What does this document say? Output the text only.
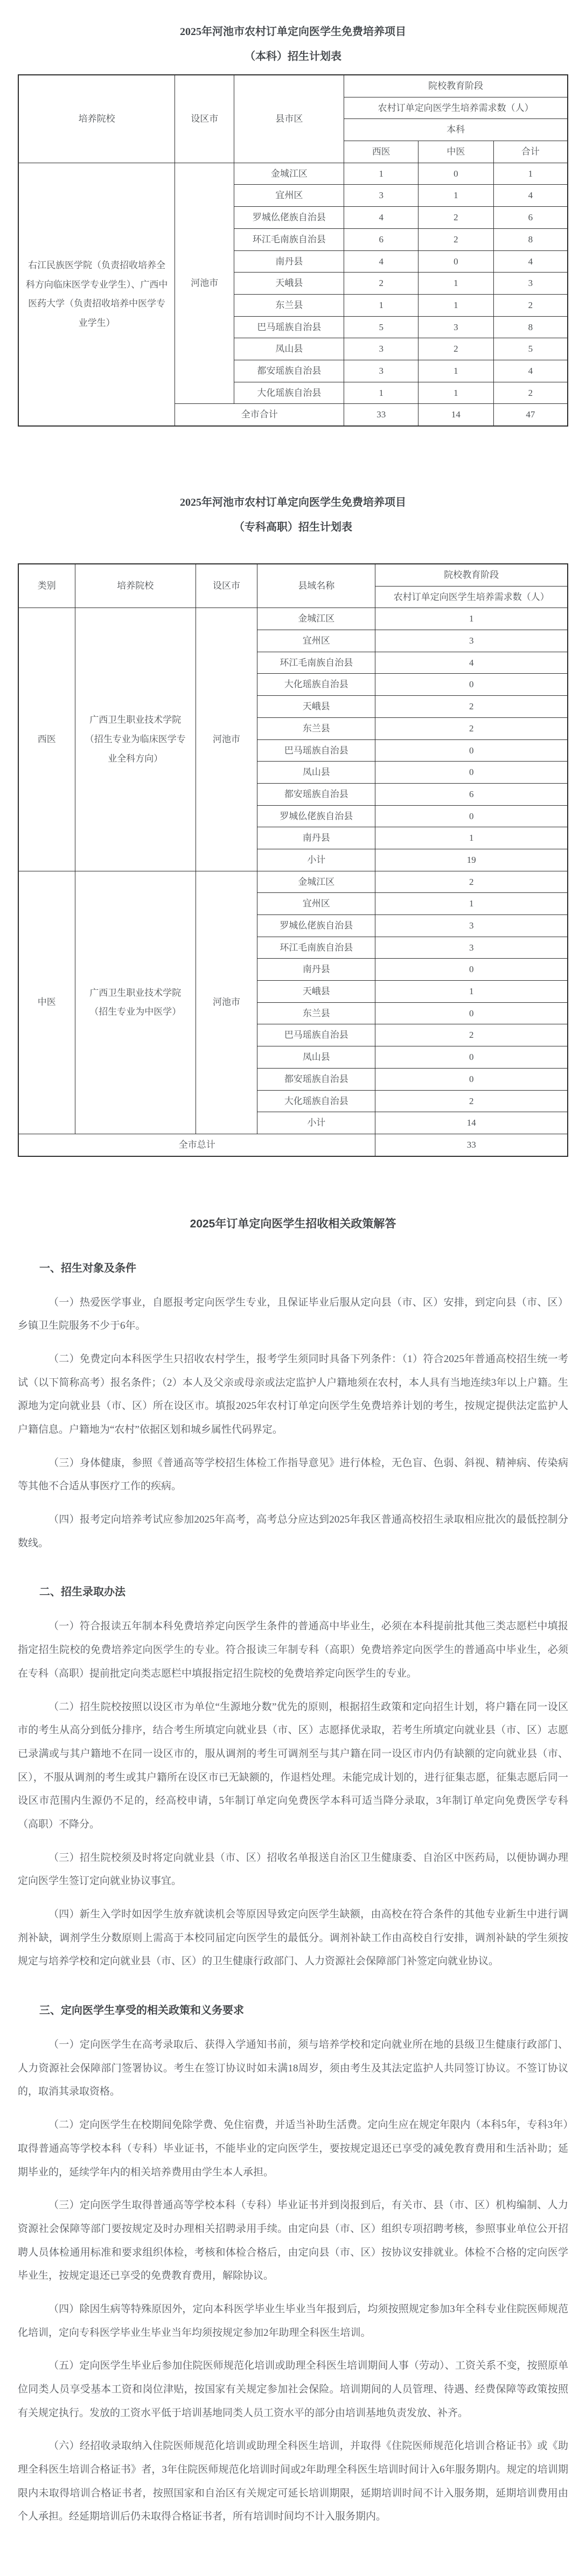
2025年河池市农村订单定向医学生免费培养项目
（本科）招生计划表
培养院校	设区市	县市区	院校教育阶段		
			农村订单定向医学生培养需求数（人）		
			本科		
			西医	中医	合计
右江民族医学院（负责招收培养全科方向临床医学专业学生）、广西中医药大学（负责招收培养中医学专业学生）	河池市	金城江区	1	0	1
		宜州区	3	1	4
		罗城仫佬族自治县	4	2	6
		环江毛南族自治县	6	2	8
		南丹县	4	0	4
		天峨县	2	1	3
		东兰县	1	1	2
		巴马瑶族自治县	5	3	8
		凤山县	3	2	5
		都安瑶族自治县	3	1	4
		大化瑶族自治县	1	1	2
	全市合计		33	14	47
2025年河池市农村订单定向医学生免费培养项目
（专科高职）招生计划表
类别	培养院校	设区市	县域名称	院校教育阶段
				农村订单定向医学生培养需求数（人）
西医	广西卫生职业技术学院（招生专业为临床医学专业全科方向）	河池市	金城江区	1
			宜州区	3
			环江毛南族自治县	4
			大化瑶族自治县	0
			天峨县	2
			东兰县	2
			巴马瑶族自治县	0
			凤山县	0
			都安瑶族自治县	6
			罗城仫佬族自治县	0
			南丹县	1
			小计	19
中医	广西卫生职业技术学院（招生专业为中医学）	河池市	金城江区	2
			宜州区	1
			罗城仫佬族自治县	3
			环江毛南族自治县	3
			南丹县	0
			天峨县	1
			东兰县	0
			巴马瑶族自治县	2
			凤山县	0
			都安瑶族自治县	0
			大化瑶族自治县	2
			小计	14
全市总计				33
2025年订单定向医学生招收相关政策解答
一、招生对象及条件

（一）热爱医学事业，自愿报考定向医学生专业，且保证毕业后服从定向县（市、区）安排，到定向县（市、区）乡镇卫生院服务不少于6年。

（二）免费定向本科医学生只招收农村学生，报考学生须同时具备下列条件：（1）符合2025年普通高校招生统一考试（以下简称高考）报名条件；（2）本人及父亲或母亲或法定监护人户籍地须在农村，本人具有当地连续3年以上户籍。生源地为定向就业县（市、区）所在设区市。填报2025年农村订单定向医学生免费培养计划的考生，按规定提供法定监护人户籍信息。户籍地为“农村”依据区划和城乡属性代码界定。

（三）身体健康，参照《普通高等学校招生体检工作指导意见》进行体检，无色盲、色弱、斜视、精神病、传染病等其他不合适从事医疗工作的疾病。

（四）报考定向培养考试应参加2025年高考，高考总分应达到2025年我区普通高校招生录取相应批次的最低控制分数线。

二、招生录取办法

（一）符合报读五年制本科免费培养定向医学生条件的普通高中毕业生，必须在本科提前批其他三类志愿栏中填报指定招生院校的免费培养定向医学生的专业。符合报读三年制专科（高职）免费培养定向医学生的普通高中毕业生，必须在专科（高职）提前批定向类志愿栏中填报指定招生院校的免费培养定向医学生的专业。

（二）招生院校按照以设区市为单位“生源地分数”优先的原则，根据招生政策和定向招生计划，将户籍在同一设区市的考生从高分到低分排序，结合考生所填定向就业县（市、区）志愿择优录取，若考生所填定向就业县（市、区）志愿已录满或与其户籍地不在同一设区市的，服从调剂的考生可调剂至与其户籍在同一设区市内仍有缺额的定向就业县（市、区），不服从调剂的考生或其户籍所在设区市已无缺额的，作退档处理。未能完成计划的，进行征集志愿，征集志愿后同一设区市范围内生源仍不足的，经高校申请，5年制订单定向免费医学本科可适当降分录取，3年制订单定向免费医学专科（高职）不降分。

（三）招生院校须及时将定向就业县（市、区）招收名单报送自治区卫生健康委、自治区中医药局，以便协调办理定向医学生签订定向就业协议事宜。

（四）新生入学时如因学生放弃就读机会等原因导致定向医学生缺额，由高校在符合条件的其他专业新生中进行调剂补缺，调剂学生分数原则上需高于本校同届定向医学生的最低分。调剂补缺工作由高校自行安排，调剂补缺的学生须按规定与培养学校和定向就业县（市、区）的卫生健康行政部门、人力资源社会保障部门补签定向就业协议。

三、定向医学生享受的相关政策和义务要求

（一）定向医学生在高考录取后、获得入学通知书前，须与培养学校和定向就业所在地的县级卫生健康行政部门、人力资源社会保障部门签署协议。考生在签订协议时如未满18周岁，须由考生及其法定监护人共同签订协议。不签订协议的，取消其录取资格。

（二）定向医学生在校期间免除学费、免住宿费，并适当补助生活费。定向生应在规定年限内（本科5年，专科3年）取得普通高等学校本科（专科）毕业证书，不能毕业的定向医学生，要按规定退还已享受的减免教育费用和生活补助；延期毕业的，延续学年内的相关培养费用由学生本人承担。

（三）定向医学生取得普通高等学校本科（专科）毕业证书并到岗报到后，有关市、县（市、区）机构编制、人力资源社会保障等部门要按规定及时办理相关招聘录用手续。由定向县（市、区）组织专项招聘考核，参照事业单位公开招聘人员体检通用标准和要求组织体检，考核和体检合格后，由定向县（市、区）按协议安排就业。体检不合格的定向医学毕业生，按规定退还已享受的免费教育费用，解除协议。

（四）除因生病等特殊原因外，定向本科医学毕业生毕业当年报到后，均须按照规定参加3年全科专业住院医师规范化培训，定向专科医学毕业生毕业当年均须按规定参加2年助理全科医生培训。

（五）定向医学生毕业后参加住院医师规范化培训或助理全科医生培训期间人事（劳动）、工资关系不变，按照原单位同类人员享受基本工资和岗位津贴，按国家有关规定参加社会保险。培训期间的人员管理、待遇、经费保障等政策按照有关规定执行。发放的工资水平低于培训基地同类人员工资水平的部分由培训基地负责发放、补齐。

（六）经招收录取纳入住院医师规范化培训或助理全科医生培训，并取得《住院医师规范化培训合格证书》或《助理全科医生培训合格证书》者，3年住院医师规范化培训时间或2年助理全科医生培训时间计入6年服务期内。规定的培训期限内未取得培训合格证书者，按照国家和自治区有关规定可延长培训期限，延期培训时间不计入服务期，延期培训费用由个人承担。经延期培训后仍未取得合格证书者，所有培训时间均不计入服务期内。
